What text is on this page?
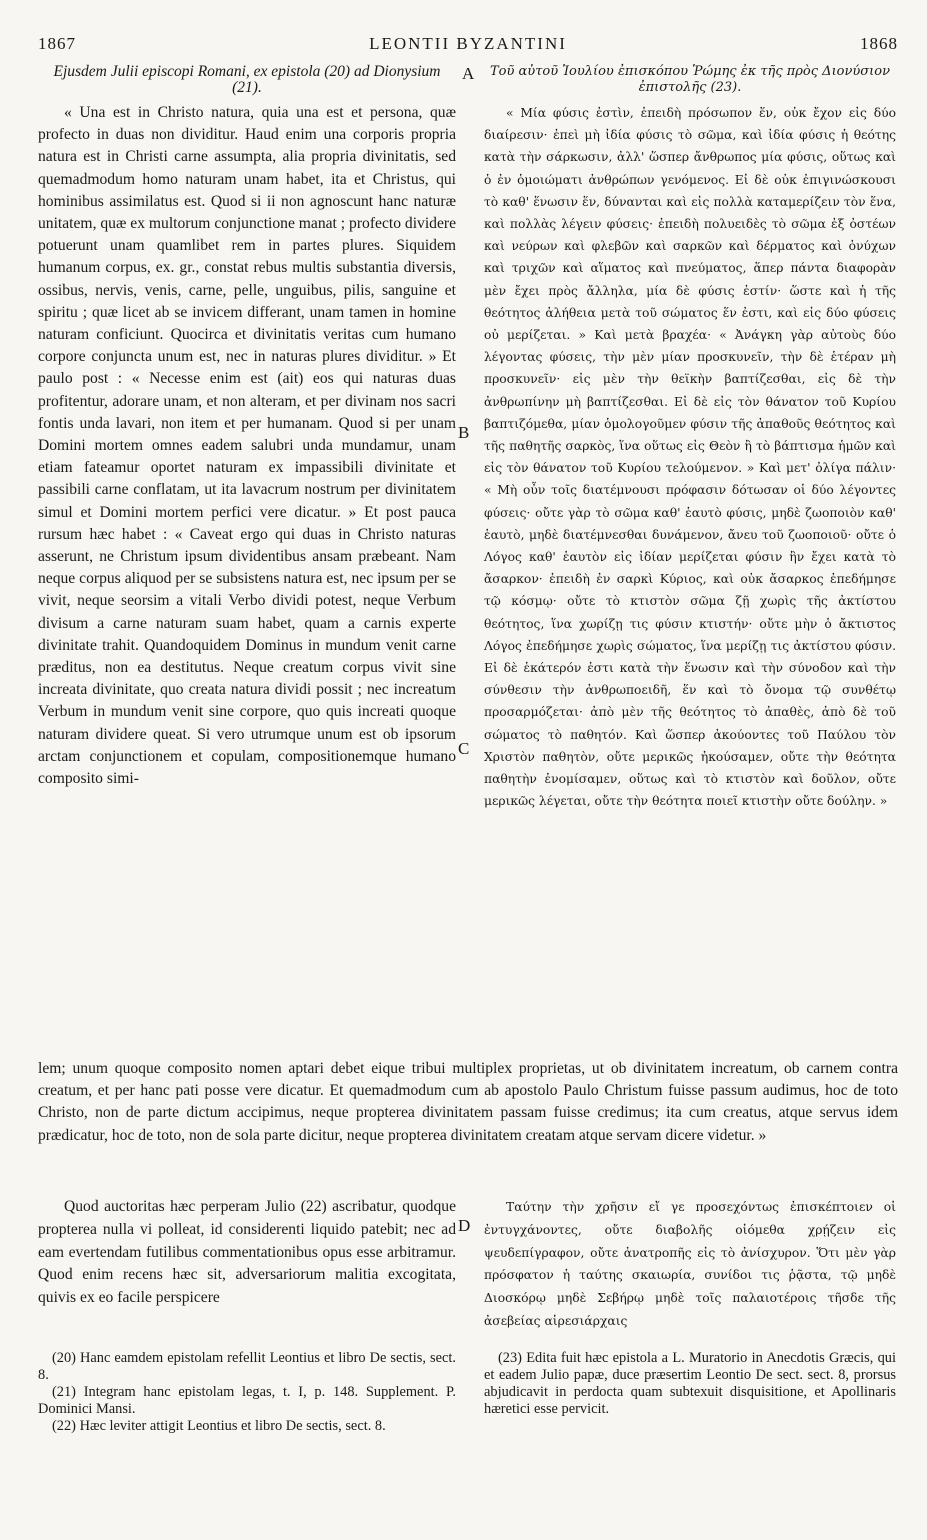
1867	LEONTII BYZANTINI	1868
Ejusdem Julii episcopi Romani, ex epistola (20) ad Dionysium (21).

« Una est in Christo natura, quia una est et persona, quæ profecto in duas non dividitur. Haud enim una corporis propria natura est in Christi carne assumpta, alia propria divinitatis, sed quemadmodum homo naturam unam habet, ita et Christus, qui hominibus assimilatus est. Quod si ii non agnoscunt hanc naturæ unitatem, quæ ex multorum conjunctione manat ; profecto dividere potuerunt unam quamlibet rem in partes plures. Siquidem humanum corpus, ex. gr., constat rebus multis substantia diversis, ossibus, nervis, venis, carne, pelle, unguibus, pilis, sanguine et spiritu ; quæ licet ab se invicem differant, unam tamen in homine naturam conficiunt. Quocirca et divinitatis veritas cum humano corpore conjuncta unum est, nec in naturas plures dividitur. » Et paulo post : « Necesse enim est (ait) eos qui naturas duas profitentur, adorare unam, et non alteram, et per divinam nos sacri fontis unda lavari, non item et per humanam. Quod si per unam Domini mortem omnes eadem salubri unda mundamur, unam etiam fateamur oportet naturam ex impassibili divinitate et passibili carne conflatam, ut ita lavacrum nostrum per divinitatem simul et Domini mortem perfici vere dicatur. » Et post pauca rursum hæc habet : « Caveat ergo qui duas in Christo naturas asserunt, ne Christum ipsum dividentibus ansam præbeant. Nam neque corpus aliquod per se subsistens natura est, nec ipsum per se vivit, neque seorsim a vitali Verbo dividi potest, neque Verbum divisum a carne naturam suam habet, quam a carnis experte divinitate trahit. Quandoquidem Dominus in mundum venit carne præditus, non ea destitutus. Neque creatum corpus vivit sine increata divinitate, quo creata natura dividi possit ; nec increatum Verbum in mundum venit sine corpore, quo quis increati quoque naturam dividere queat. Si vero utrumque unum est ob ipsorum arctam conjunctionem et copulam, compositionemque humano composito simi-

Τοῦ αὐτοῦ Ἰουλίου ἐπισκόπου Ῥώμης ἐκ τῆς πρὸς Διονύσιον ἐπιστολῆς (23).

« Μία φύσις ἐστὶν, ἐπειδὴ πρόσωπον ἕν, οὐκ ἔχον εἰς δύο διαίρεσιν· ἐπεὶ μὴ ἰδία φύσις τὸ σῶμα, καὶ ἰδία φύσις ἡ θεότης κατὰ τὴν σάρκωσιν, ἀλλ' ὥσπερ ἄνθρωπος μία φύσις, οὕτως καὶ ὁ ἐν ὁμοιώματι ἀνθρώπων γενόμενος. Εἰ δὲ οὐκ ἐπιγινώσκουσι τὸ καθ' ἕνωσιν ἕν, δύνανται καὶ εἰς πολλὰ καταμερίζειν τὸν ἕνα, καὶ πολλὰς λέγειν φύσεις· ἐπειδὴ πολυειδὲς τὸ σῶμα ἐξ ὀστέων καὶ νεύρων καὶ φλεβῶν καὶ σαρκῶν καὶ δέρματος καὶ ὀνύχων καὶ τριχῶν καὶ αἵματος καὶ πνεύματος, ἅπερ πάντα διαφορὰν μὲν ἔχει πρὸς ἄλληλα, μία δὲ φύσις ἐστίν· ὥστε καὶ ἡ τῆς θεότητος ἀλήθεια μετὰ τοῦ σώματος ἕν ἐστι, καὶ εἰς δύο φύσεις οὐ μερίζεται. » Καὶ μετὰ βραχέα· « Ἀνάγκη γὰρ αὐτοὺς δύο λέγοντας φύσεις, τὴν μὲν μίαν προσκυνεῖν, τὴν δὲ ἑτέραν μὴ προσκυνεῖν· εἰς μὲν τὴν θεϊκὴν βαπτίζεσθαι, εἰς δὲ τὴν ἀνθρωπίνην μὴ βαπτίζεσθαι. Εἰ δὲ εἰς τὸν θάνατον τοῦ Κυρίου βαπτιζόμεθα, μίαν ὁμολογοῦμεν φύσιν τῆς ἀπαθοῦς θεότητος καὶ τῆς παθητῆς σαρκὸς, ἵνα οὕτως εἰς Θεὸν ἢ τὸ βάπτισμα ἡμῶν καὶ εἰς τὸν θάνατον τοῦ Κυρίου τελούμενον. » Καὶ μετ' ὀλίγα πάλιν· « Μὴ οὖν τοῖς διατέμνουσι πρόφασιν δότωσαν οἱ δύο λέγοντες φύσεις· οὔτε γὰρ τὸ σῶμα καθ' ἑαυτὸ φύσις, μηδὲ ζωοποιὸν καθ' ἑαυτὸ, μηδὲ διατέμνεσθαι δυνάμενον, ἄνευ τοῦ ζωοποιοῦ· οὔτε ὁ Λόγος καθ' ἑαυτὸν εἰς ἰδίαν μερίζεται φύσιν ἣν ἔχει κατὰ τὸ ἄσαρκον· ἐπειδὴ ἐν σαρκὶ Κύριος, καὶ οὐκ ἄσαρκος ἐπεδήμησε τῷ κόσμῳ· οὔτε τὸ κτιστὸν σῶμα ζῇ χωρὶς τῆς ἀκτίστου θεότητος, ἵνα χωρίζῃ τις φύσιν κτιστήν· οὔτε μὴν ὁ ἄκτιστος Λόγος ἐπεδήμησε χωρὶς σώματος, ἵνα μερίζῃ τις ἀκτίστου φύσιν. Εἰ δὲ ἑκάτερόν ἐστι κατὰ τὴν ἕνωσιν καὶ τὴν σύνοδον καὶ τὴν σύνθεσιν τὴν ἀνθρωποειδῆ, ἕν καὶ τὸ ὄνομα τῷ συνθέτῳ προσαρμόζεται· ἀπὸ μὲν τῆς θεότητος τὸ ἀπαθὲς, ἀπὸ δὲ τοῦ σώματος τὸ παθητόν. Καὶ ὥσπερ ἀκούοντες τοῦ Παύλου τὸν Χριστὸν παθητὸν, οὔτε μερικῶς ἠκούσαμεν, οὔτε τὴν θεότητα παθητὴν ἐνομίσαμεν, οὕτως καὶ τὸ κτιστὸν καὶ δοῦλον, οὔτε μερικῶς λέγεται, οὔτε τὴν θεότητα ποιεῖ κτιστὴν οὔτε δούλην. »

A
B
C
D

lem; unum quoque composito nomen aptari debet eique tribui multiplex proprietas, ut ob divinitatem increatum, ob carnem contra creatum, et per hanc pati posse vere dicatur. Et quemadmodum cum ab apostolo Paulo Christum fuisse passum audimus, hoc de toto Christo, non de parte dictum accipimus, neque propterea divinitatem passam fuisse credimus; ita cum creatus, atque servus idem prædicatur, hoc de toto, non de sola parte dicitur, neque propterea divinitatem creatam atque servam dicere videtur. »

Quod auctoritas hæc perperam Julio (22) ascribatur, quodque propterea nulla vi polleat, id considerenti liquido patebit; nec ad eam evertendam futilibus commentationibus opus esse arbitramur. Quod enim recens hæc sit, adversariorum malitia excogitata, quivis ex eo facile perspicere

Ταύτην τὴν χρῆσιν εἴ γε προσεχόντως ἐπισκέπτοιεν οἱ ἐντυγχάνοντες, οὔτε διαβολῆς οἰόμεθα χρῄζειν εἰς ψευδεπίγραφον, οὔτε ἀνατροπῆς εἰς τὸ ἀνίσχυρον. Ὅτι μὲν γὰρ πρόσφατον ἡ ταύτης σκαιωρία, συνίδοι τις ῥᾷστα, τῷ μηδὲ Διοσκόρῳ μηδὲ Σεβήρῳ μηδὲ τοῖς παλαιοτέροις τῆσδε τῆς ἀσεβείας αἱρεσιάρχαις

(20) Hanc eamdem epistolam refellit Leontius et libro De sectis, sect. 8.

(21) Integram hanc epistolam legas, t. I, p. 148. Supplement. P. Dominici Mansi.

(22) Hæc leviter attigit Leontius et libro De sectis, sect. 8.

(23) Edita fuit hæc epistola a L. Muratorio in Anecdotis Græcis, qui et eadem Julio papæ, duce præsertim Leontio De sect. sect. 8, prorsus abjudicavit in perdocta quam subtexuit disquisitione, et Apollinaris hæretici esse pervicit.
